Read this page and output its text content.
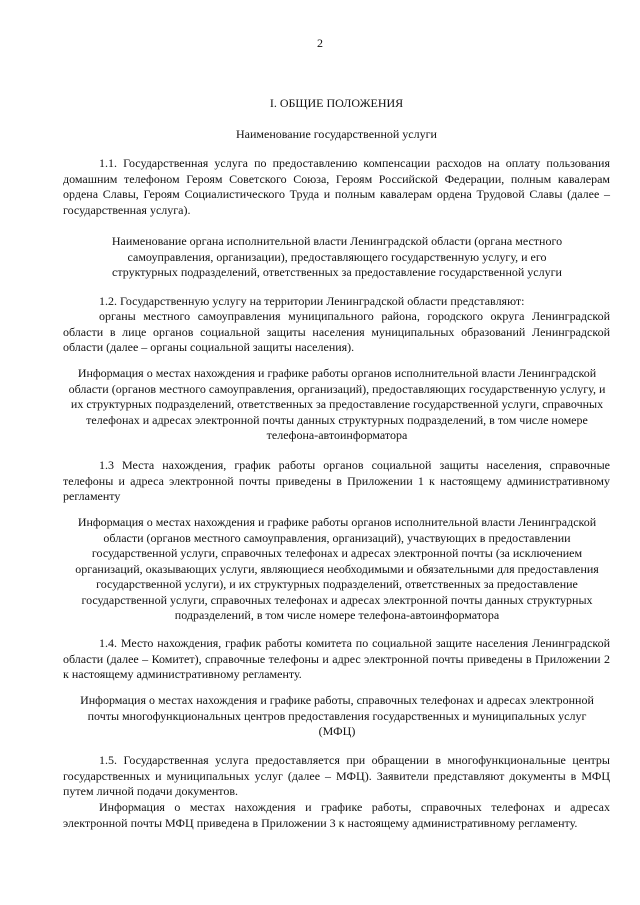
2
I. ОБЩИЕ ПОЛОЖЕНИЯ
Наименование государственной услуги

1.1. Государственная услуга по предоставлению компенсации расходов на оплату пользования домашним телефоном Героям Советского Союза, Героям Российской Федерации, полным кавалерам ордена Славы, Героям Социалистического Труда и полным кавалерам ордена Трудовой Славы (далее – государственная услуга).

Наименование органа исполнительной власти Ленинградской области (органа местного самоуправления, организации), предоставляющего государственную услугу, и его структурных подразделений, ответственных за предоставление государственной услуги

1.2. Государственную услугу на территории Ленинградской области представляют:

органы местного самоуправления муниципального района, городского округа Ленинградской области в лице органов социальной защиты населения муниципальных образований Ленинградской области (далее – органы социальной защиты населения).

Информация о местах нахождения и графике работы органов исполнительной власти Ленинградской области (органов местного самоуправления, организаций), предоставляющих государственную услугу, и их структурных подразделений, ответственных за предоставление государственной услуги, справочных телефонах и адресах электронной почты данных структурных подразделений, в том числе номере телефона-автоинформатора

1.3 Места нахождения, график работы органов социальной защиты населения, справочные телефоны и адреса электронной почты приведены в Приложении 1 к настоящему административному регламенту

Информация о местах нахождения и графике работы органов исполнительной власти Ленинградской области (органов местного самоуправления, организаций), участвующих в предоставлении государственной услуги, справочных телефонах и адресах электронной почты (за исключением организаций, оказывающих услуги, являющиеся необходимыми и обязательными для предоставления государственной услуги), и их структурных подразделений, ответственных за предоставление государственной услуги, справочных телефонах и адресах электронной почты данных структурных подразделений, в том числе номере телефона-автоинформатора

1.4. Место нахождения, график работы комитета по социальной защите населения Ленинградской области (далее – Комитет), справочные телефоны и адрес электронной почты приведены в Приложении 2 к настоящему административному регламенту.

Информация о местах нахождения и графике работы, справочных телефонах и адресах электронной почты многофункциональных центров предоставления государственных и муниципальных услуг (МФЦ)

1.5. Государственная услуга предоставляется при обращении в многофункциональные центры государственных и муниципальных услуг (далее – МФЦ). Заявители представляют документы в МФЦ путем личной подачи документов.

Информация о местах нахождения и графике работы, справочных телефонах и адресах электронной почты МФЦ приведена в Приложении 3 к настоящему административному регламенту.
